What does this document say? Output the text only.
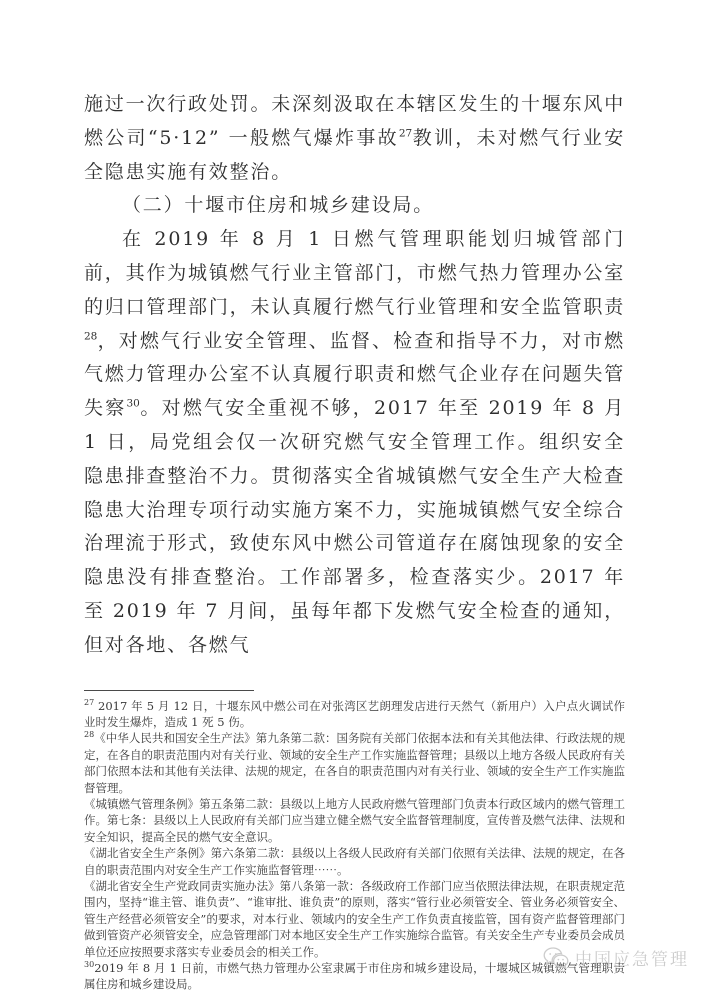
施过一次行政处罚。未深刻汲取在本辖区发生的十堰东风中燃公司“5·12” 一般燃气爆炸事故$^{27}$教训，未对燃气行业安全隐患实施有效整治。

（二）十堰市住房和城乡建设局。

在 2019 年 8 月 1 日燃气管理职能划归城管部门前，其作为城镇燃气行业主管部门，市燃气热力管理办公室的归口管理部门，未认真履行燃气行业管理和安全监管职责$^{28}$，对燃气行业安全管理、监督、检查和指导不力，对市燃气燃力管理办公室不认真履行职责和燃气企业存在问题失管失察$^{30}$。对燃气安全重视不够，2017 年至 2019 年 8 月 1 日，局党组会仅一次研究燃气安全管理工作。组织安全隐患排查整治不力。贯彻落实全省城镇燃气安全生产大检查隐患大治理专项行动实施方案不力，实施城镇燃气安全综合治理流于形式，致使东风中燃公司管道存在腐蚀现象的安全隐患没有排查整治。工作部署多，检查落实少。2017 年至 2019 年 7 月间，虽每年都下发燃气安全检查的通知，但对各地、各燃气

$^{27}$ 2017 年 5 月 12 日，十堰东风中燃公司在对张湾区艺朗理发店进行天然气（新用户）入户点火调试作业时发生爆炸，造成 1 死 5 伤。

$^{28}$《中华人民共和国安全生产法》第九条第二款：国务院有关部门依据本法和有关其他法律、行政法规的规定，在各自的职责范围内对有关行业、领域的安全生产工作实施监督管理；县级以上地方各级人民政府有关部门依照本法和其他有关法律、法规的规定，在各自的职责范围内对有关行业、领域的安全生产工作实施监督管理。

《城镇燃气管理条例》第五条第二款：县级以上地方人民政府燃气管理部门负责本行政区域内的燃气管理工作。第七条：县级以上人民政府有关部门应当建立健全燃气安全监督管理制度，宣传普及燃气法律、法规和安全知识，提高全民的燃气安全意识。

《湖北省安全生产条例》第六条第二款：县级以上各级人民政府有关部门依照有关法律、法规的规定，在各自的职责范围内对安全生产工作实施监督管理⋯⋯。

《湖北省安全生产党政同责实施办法》第八条第一款：各级政府工作部门应当依照法律法规，在职责规定范围内，坚持“谁主管、谁负责”、“谁审批、谁负责”的原则，落实“管行业必须管安全、管业务必须管安全、管生产经营必须管安全”的要求，对本行业、领域内的安全生产工作负责直接监管，国有资产监督管理部门做到管资产必须管安全，应急管理部门对本地区安全生产工作实施综合监管。有关安全生产专业委员会成员单位还应按照要求落实专业委员会的相关工作。

$^{30}$2019 年 8 月 1 日前，市燃气热力管理办公室隶属于市住房和城乡建设局，十堰城区城镇燃气管理职责属住房和城乡建设局。

中国应急管理
